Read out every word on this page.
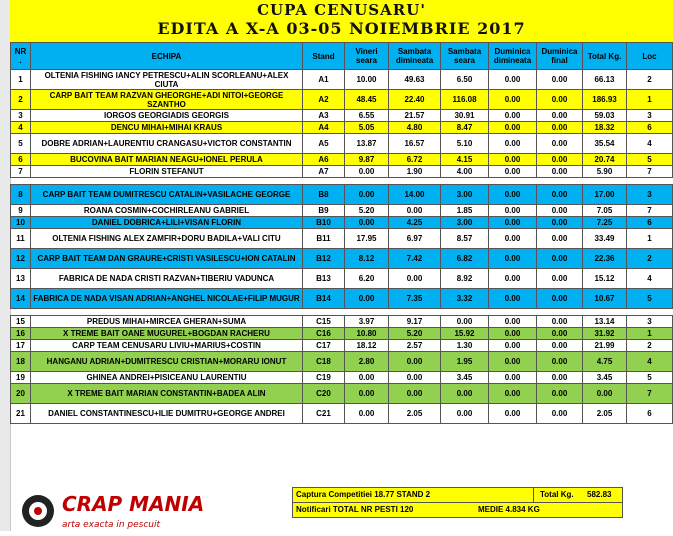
CUPA CENUSARU'
EDITA A X-A 03-05 NOIEMBRIE 2017
NR .	ECHIPA	Stand	Vineri seara	Sambata dimineata	Sambata seara	Duminica dimineata	Duminica final	Total Kg.	Loc
1	OLTENIA FISHING IANCY PETRESCU+ALIN SCORLEANU+ALEX CIUTA	A1	10.00	49.63	6.50	0.00	0.00	66.13	2
2	CARP BAIT TEAM RAZVAN GHEORGHE+ADI NITOI+GEORGE SZANTHO	A2	48.45	22.40	116.08	0.00	0.00	186.93	1
3	IORGOS GEORGIADIS GEORGIS	A3	6.55	21.57	30.91	0.00	0.00	59.03	3
4	DENCU MIHAI+MIHAI KRAUS	A4	5.05	4.80	8.47	0.00	0.00	18.32	6
5	DOBRE ADRIAN+LAURENTIU CRANGASU+VICTOR CONSTANTIN	A5	13.87	16.57	5.10	0.00	0.00	35.54	4
6	BUCOVINA BAIT MARIAN NEAGU+IONEL PERULA	A6	9.87	6.72	4.15	0.00	0.00	20.74	5
7	FLORIN STEFANUT	A7	0.00	1.90	4.00	0.00	0.00	5.90	7

8	CARP BAIT TEAM DUMITRESCU CATALIN+VASILACHE GEORGE	B8	0.00	14.00	3.00	0.00	0.00	17.00	3
9	ROANA COSMIN+COCHIRLEANU GABRIEL	B9	5.20	0.00	1.85	0.00	0.00	7.05	7
10	DANIEL DOBRICA+LILI+VISAN FLORIN	B10	0.00	4.25	3.00	0.00	0.00	7.25	6
11	OLTENIA FISHING ALEX ZAMFIR+DORU BADILA+VALI CITU	B11	17.95	6.97	8.57	0.00	0.00	33.49	1
12	CARP BAIT TEAM DAN GRAURE+CRISTI VASILESCU+ION CATALIN	B12	8.12	7.42	6.82	0.00	0.00	22.36	2
13	FABRICA DE NADA CRISTI RAZVAN+TIBERIU VADUNCA	B13	6.20	0.00	8.92	0.00	0.00	15.12	4
14	FABRICA DE NADA VISAN ADRIAN+ANGHEL NICOLAE+FILIP MUGUR	B14	0.00	7.35	3.32	0.00	0.00	10.67	5

15	PREDUS MIHAI+MIRCEA GHERAN+SUMA	C15	3.97	9.17	0.00	0.00	0.00	13.14	3
16	X TREME BAIT OANE MUGUREL+BOGDAN RACHERU	C16	10.80	5.20	15.92	0.00	0.00	31.92	1
17	CARP TEAM CENUSARU LIVIU+MARIUS+COSTIN	C17	18.12	2.57	1.30	0.00	0.00	21.99	2
18	HANGANU ADRIAN+DUMITRESCU CRISTIAN+MORARU IONUT	C18	2.80	0.00	1.95	0.00	0.00	4.75	4
19	GHINEA ANDREI+PISICEANU LAURENTIU	C19	0.00	0.00	3.45	0.00	0.00	3.45	5
20	X TREME BAIT MARIAN CONSTANTIN+BADEA ALIN	C20	0.00	0.00	0.00	0.00	0.00	0.00	7
21	DANIEL CONSTANTINESCU+ILIE DUMITRU+GEORGE ANDREI	C21	0.00	2.05	0.00	0.00	0.00	2.05	6
CRAP MANIA
arta exacta in pescuit
Captura Competitiei 18.77 STAND 2	Total Kg. 582.83
Notificari TOTAL NR PESTI 120	MEDIE 4.834 KG
